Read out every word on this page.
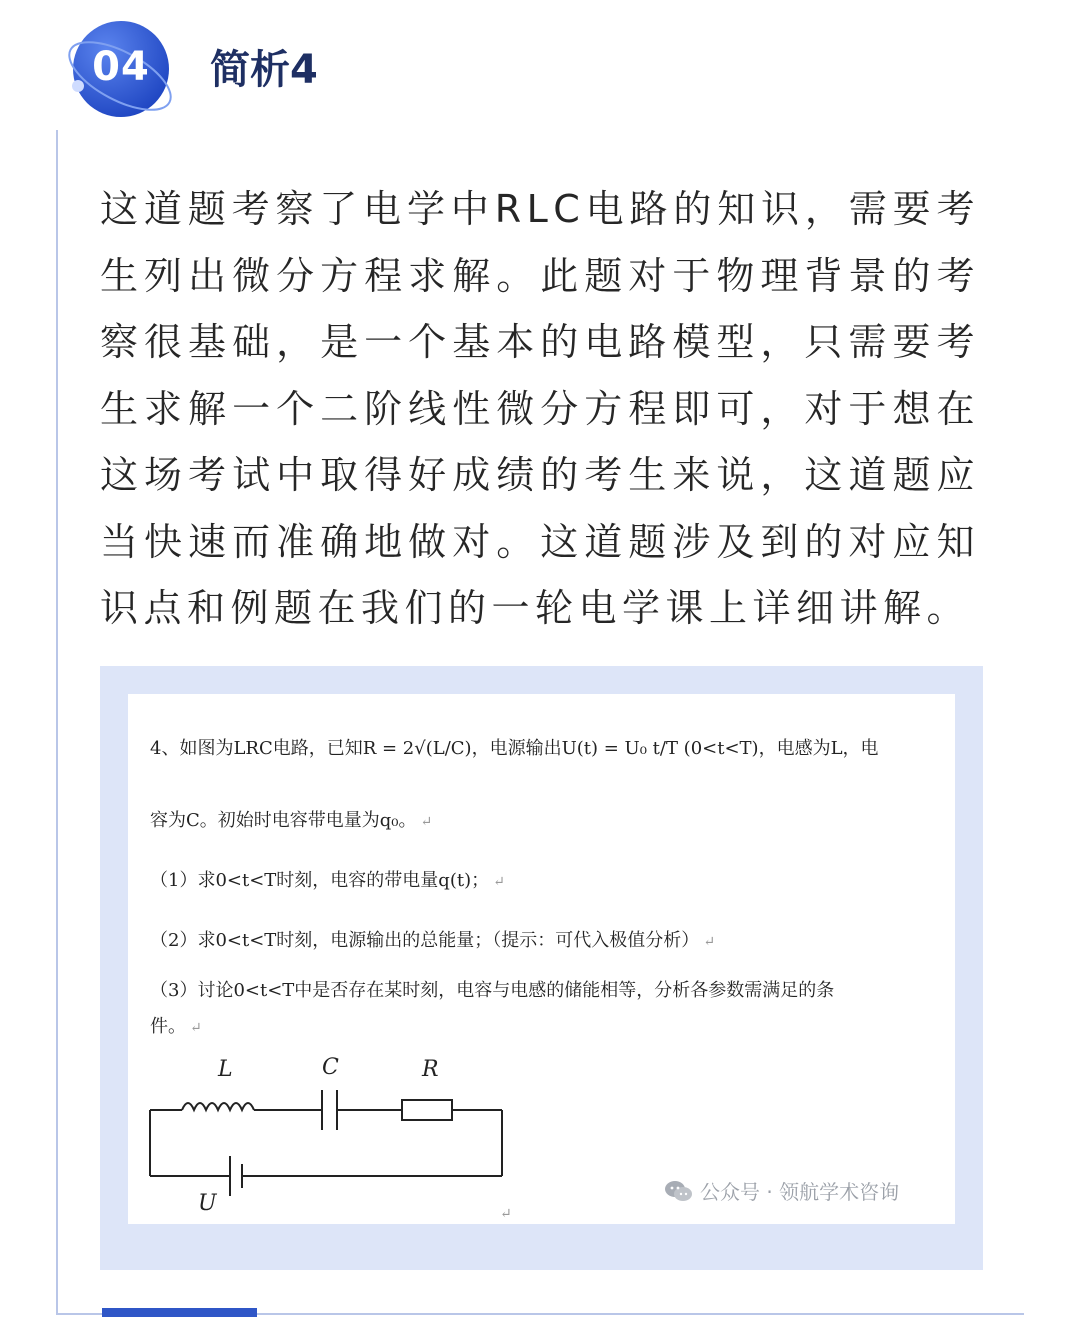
04 简析4
这道题考察了电学中RLC电路的知识，需要考生列出微分方程求解。此题对于物理背景的考察很基础，是一个基本的电路模型，只需要考生求解一个二阶线性微分方程即可，对于想在这场考试中取得好成绩的考生来说，这道题应当快速而准确地做对。这道题涉及到的对应知识点和例题在我们的一轮电学课上详细讲解。
4、如图为LRC电路，已知R = 2√(L/C)，电源输出U(t) = U₀ t/T (0<t<T)，电感为L，电
容为C。初始时电容带电量为q₀。 ↵
（1）求0<t<T时刻，电容的带电量q(t)； ↵
（2）求0<t<T时刻，电源输出的总能量；（提示：可代入极值分析） ↵
（3）讨论0<t<T中是否存在某时刻，电容与电感的储能相等，分析各参数需满足的条
件。 ↵
L	C	R
U	公众号 · 领航学术咨询
↵
